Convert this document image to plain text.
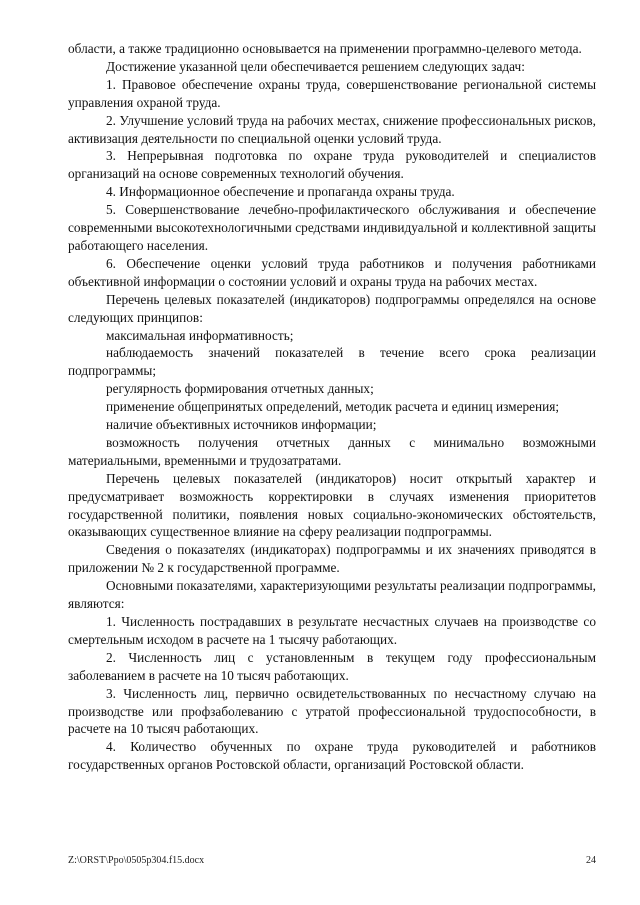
области, а также традиционно основывается на применении программно-целевого метода.

Достижение указанной цели обеспечивается решением следующих задач:

1. Правовое обеспечение охраны труда, совершенствование региональной системы управления охраной труда.

2. Улучшение условий труда на рабочих местах, снижение профессиональных рисков, активизация деятельности по специальной оценки условий труда.

3. Непрерывная подготовка по охране труда руководителей и специалистов организаций на основе современных технологий обучения.

4. Информационное обеспечение и пропаганда охраны труда.

5. Совершенствование лечебно-профилактического обслуживания и обеспечение современными высокотехнологичными средствами индивидуальной и коллективной защиты работающего населения.

6. Обеспечение оценки условий труда работников и получения работниками объективной информации о состоянии условий и охраны труда на рабочих местах.

Перечень целевых показателей (индикаторов) подпрограммы определялся на основе следующих принципов:

максимальная информативность;

наблюдаемость значений показателей в течение всего срока реализации подпрограммы;

регулярность формирования отчетных данных;

применение общепринятых определений, методик расчета и единиц измерения;

наличие объективных источников информации;

возможность получения отчетных данных с минимально возможными материальными, временными и трудозатратами.

Перечень целевых показателей (индикаторов) носит открытый характер и предусматривает возможность корректировки в случаях изменения приоритетов государственной политики, появления новых социально-экономических обстоятельств, оказывающих существенное влияние на сферу реализации подпрограммы.

Сведения о показателях (индикаторах) подпрограммы и их значениях приводятся в приложении № 2 к государственной программе.

Основными показателями, характеризующими результаты реализации подпрограммы, являются:

1. Численность пострадавших в результате несчастных случаев на производстве со смертельным исходом в расчете на 1 тысячу работающих.

2. Численность лиц с установленным в текущем году профессиональным заболеванием в расчете на 10 тысяч работающих.

3. Численность лиц, первично освидетельствованных по несчастному случаю на производстве или профзаболеванию с утратой профессиональной трудоспособности, в расчете на 10 тысяч работающих.

4. Количество обученных по охране труда руководителей и работников государственных органов Ростовской области, организаций Ростовской области.

Z:\ORST\Ppo\0505p304.f15.docx	24
